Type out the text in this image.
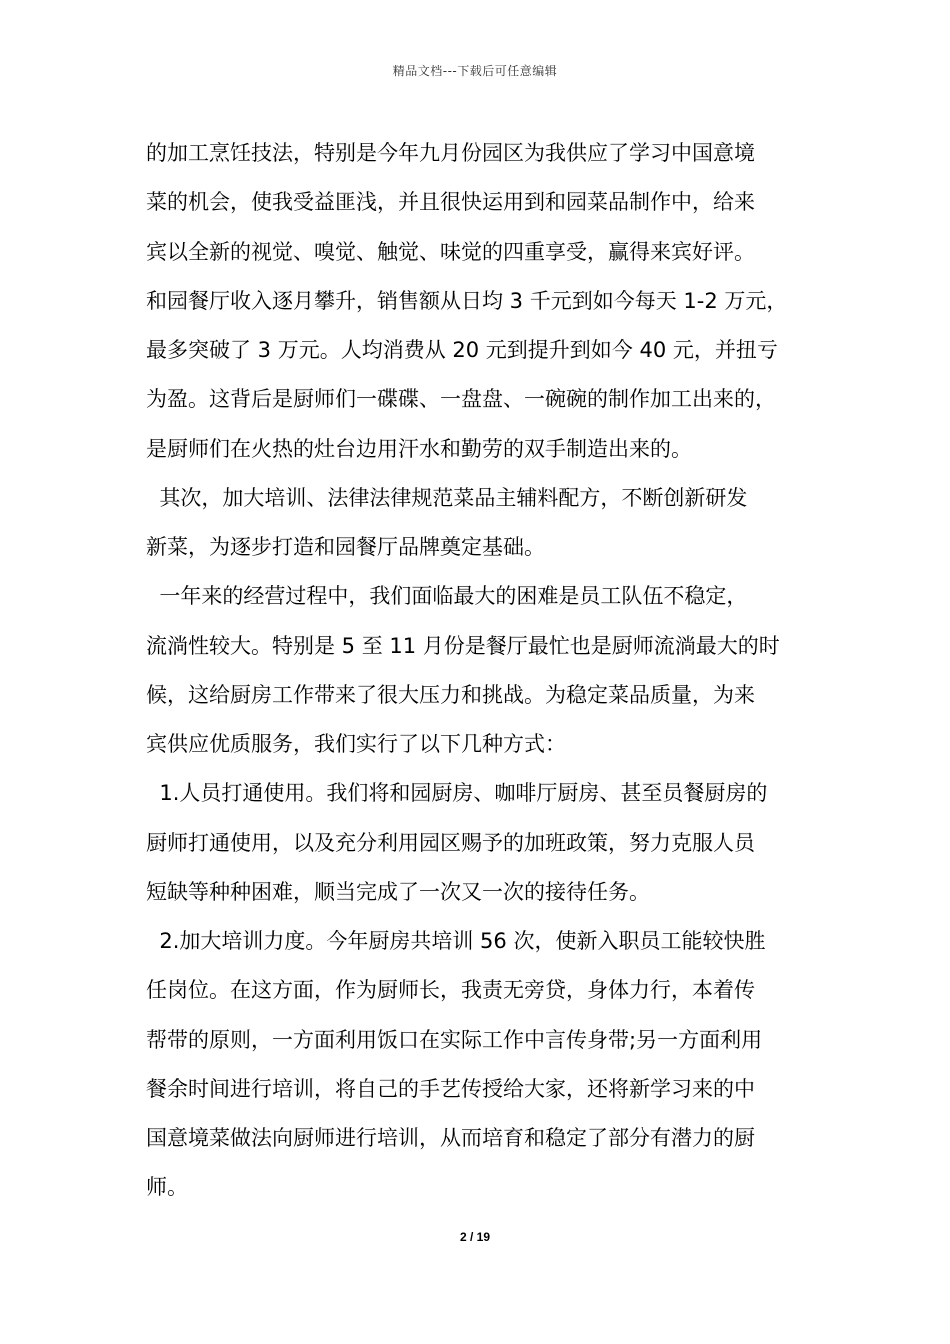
精品文档---下载后可任意编辑
的加工烹饪技法，特别是今年九月份园区为我供应了学习中国意境
菜的机会，使我受益匪浅，并且很快运用到和园菜品制作中，给来
宾以全新的视觉、嗅觉、触觉、味觉的四重享受，赢得来宾好评。
和园餐厅收入逐月攀升，销售额从日均 3 千元到如今每天 1-2 万元，
最多突破了 3 万元。人均消费从 20 元到提升到如今 40 元，并扭亏
为盈。这背后是厨师们一碟碟、一盘盘、一碗碗的制作加工出来的，
是厨师们在火热的灶台边用汗水和勤劳的双手制造出来的。
其次，加大培训、法律法律规范菜品主辅料配方，不断创新研发
新菜，为逐步打造和园餐厅品牌奠定基础。
一年来的经营过程中，我们面临最大的困难是员工队伍不稳定，
流淌性较大。特别是 5 至 11 月份是餐厅最忙也是厨师流淌最大的时
候，这给厨房工作带来了很大压力和挑战。为稳定菜品质量，为来
宾供应优质服务，我们实行了以下几种方式：
1.人员打通使用。我们将和园厨房、咖啡厅厨房、甚至员餐厨房的
厨师打通使用，以及充分利用园区赐予的加班政策，努力克服人员
短缺等种种困难，顺当完成了一次又一次的接待任务。
2.加大培训力度。今年厨房共培训 56 次，使新入职员工能较快胜
任岗位。在这方面，作为厨师长，我责无旁贷，身体力行，本着传
帮带的原则，一方面利用饭口在实际工作中言传身带;另一方面利用
餐余时间进行培训，将自己的手艺传授给大家，还将新学习来的中
国意境菜做法向厨师进行培训，从而培育和稳定了部分有潜力的厨
师。
2 / 19
